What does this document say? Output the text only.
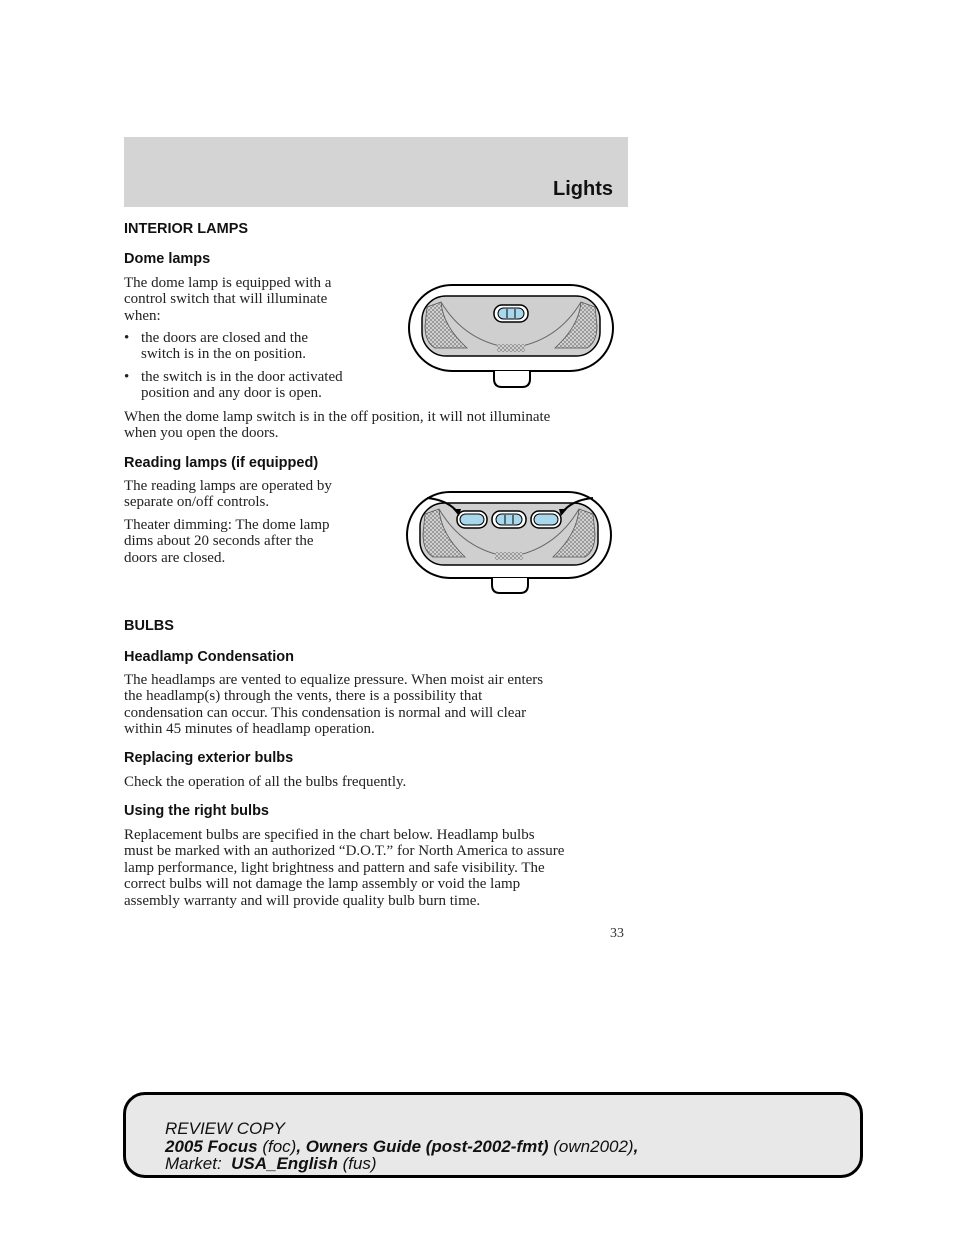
Lights
INTERIOR LAMPS
Dome lamps
The dome lamp is equipped with a
control switch that will illuminate
when:
• the doors are closed and the
switch is in the on position.
• the switch is in the door activated
position and any door is open.
When the dome lamp switch is in the off position, it will not illuminate
when you open the doors.
Reading lamps (if equipped)
The reading lamps are operated by
separate on/off controls.
Theater dimming: The dome lamp
dims about 20 seconds after the
doors are closed.
BULBS
Headlamp Condensation
The headlamps are vented to equalize pressure. When moist air enters
the headlamp(s) through the vents, there is a possibility that
condensation can occur. This condensation is normal and will clear
within 45 minutes of headlamp operation.
Replacing exterior bulbs
Check the operation of all the bulbs frequently.
Using the right bulbs
Replacement bulbs are specified in the chart below. Headlamp bulbs
must be marked with an authorized “D.O.T.” for North America to assure
lamp performance, light brightness and pattern and safe visibility. The
correct bulbs will not damage the lamp assembly or void the lamp
assembly warranty and will provide quality bulb burn time.
33
REVIEW COPY
2005 Focus (foc), Owners Guide (post-2002-fmt) (own2002),
Market:  USA_English (fus)
